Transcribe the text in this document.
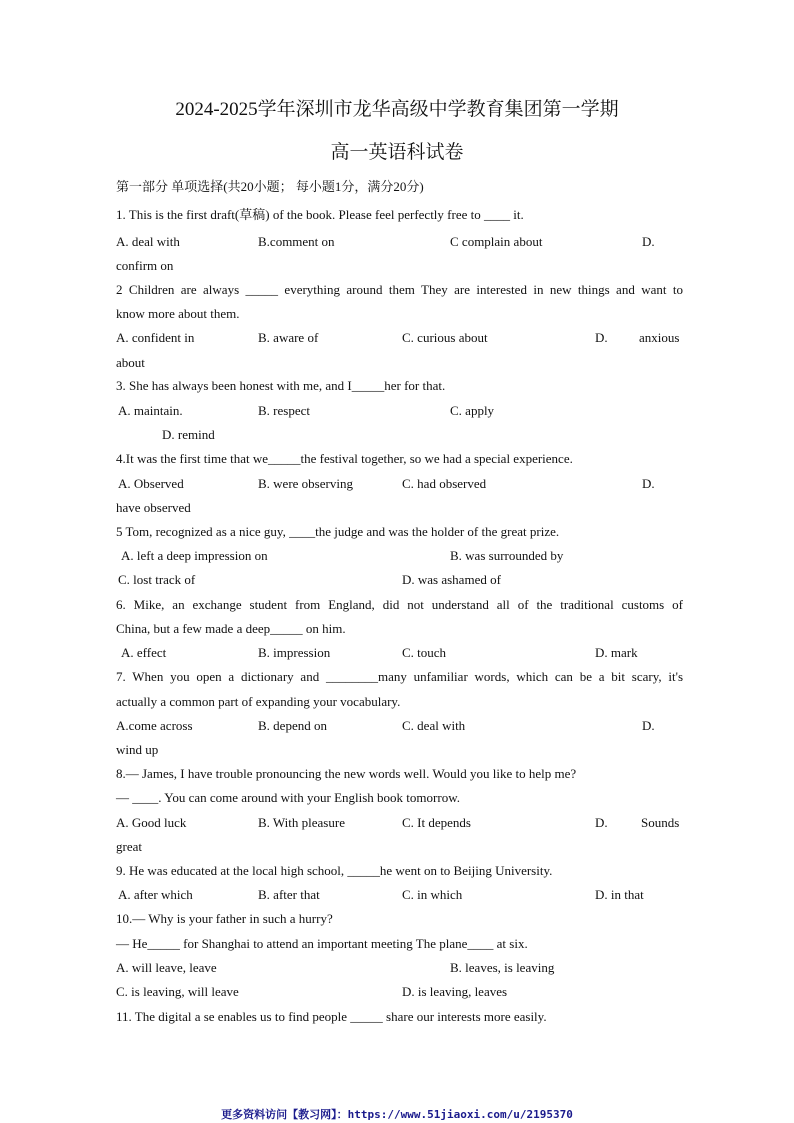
2024-2025学年深圳市龙华高级中学教育集团第一学期
高一英语科试卷
第一部分 单项选择(共20小题； 每小题1分，满分20分)
1. This is the first draft(草稿) of the book. Please feel perfectly free to ____ it.
A. deal with	B.comment on	C complain about	D.
confirm on
2 Children are always _____ everything around them They are interested in new things and want to
know more about them.
A. confident in	B. aware of	C. curious about	D. anxious
about
3. She has always been honest with me, and I_____her for that.
A. maintain.	B. respect	C. apply
D. remind
4.It was the first time that we_____the festival together, so we had a special experience.
A. Observed	B. were observing	C. had observed	D.
have observed
5 Tom, recognized as a nice guy, ____the judge and was the holder of the great prize.
A. left a deep impression on	B. was surrounded by
C. lost track of	D. was ashamed of
6. Mike, an exchange student from England, did not understand all of the traditional customs of
China, but a few made a deep_____ on him.
A. effect	B. impression	C. touch	D. mark
7. When you open a dictionary and ________many unfamiliar words, which can be a bit scary, it's
actually a common part of expanding your vocabulary.
A.come across	B. depend on	C. deal with	D.
wind up
8.— James, I have trouble pronouncing the new words well. Would you like to help me?
— ____. You can come around with your English book tomorrow.
A. Good luck	B. With pleasure	C. It depends	D.	Sounds
great
9. He was educated at the local high school, _____he went on to Beijing University.
A. after which	B. after that	C. in which	D. in that
10.— Why is your father in such a hurry?
— He_____ for Shanghai to attend an important meeting The plane____ at six.
A. will leave, leave	B. leaves, is leaving
C. is leaving, will leave	D. is leaving, leaves
11. The digital a se enables us to find people _____ share our interests more easily.
更多资料访问【教习网】：https://www.51jiaoxi.com/u/2195370
